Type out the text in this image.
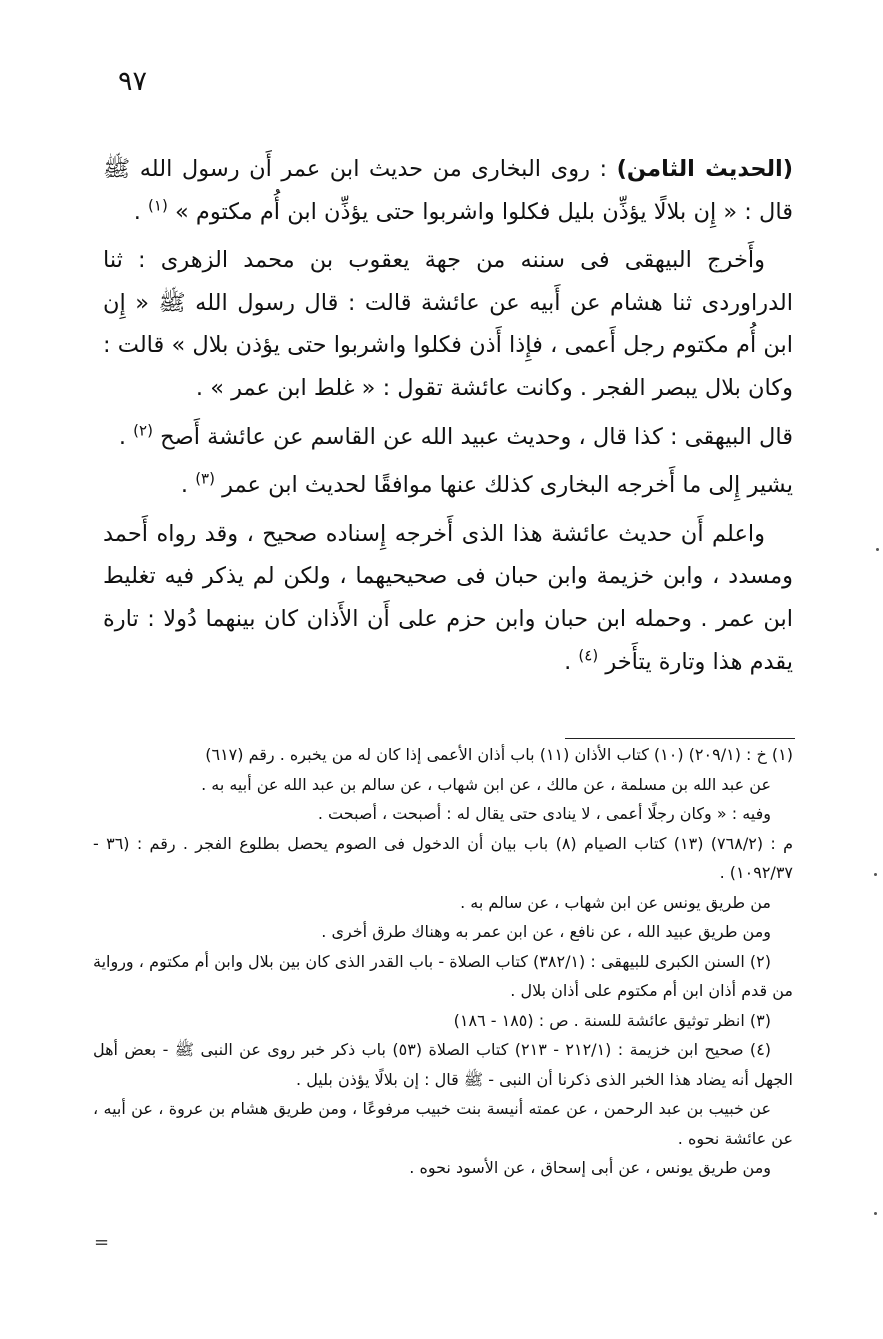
٩٧

(الحديث الثامن) : روى البخارى من حديث ابن عمر أَن رسول الله ﷺ قال : « إِن بلالًا يؤذِّن بليل فكلوا واشربوا حتى يؤذِّن ابن أُم مكتوم » $^{(١)}$ .

وأَخرج البيهقى فى سننه من جهة يعقوب بن محمد الزهرى : ثنا الدراوردى ثنا هشام عن أَبيه عن عائشة قالت : قال رسول الله ﷺ « إِن ابن أُم مكتوم رجل أَعمى ، فإِذا أَذن فكلوا واشربوا حتى يؤذن بلال » قالت : وكان بلال يبصر الفجر . وكانت عائشة تقول : « غلط ابن عمر » .

قال البيهقى : كذا قال ، وحديث عبيد الله عن القاسم عن عائشة أَصح $^{(٢)}$ .

يشير إِلى ما أَخرجه البخارى كذلك عنها موافقًا لحديث ابن عمر $^{(٣)}$ .

واعلم أَن حديث عائشة هذا الذى أَخرجه إِسناده صحيح ، وقد رواه أَحمد ومسدد ، وابن خزيمة وابن حبان فى صحيحيهما ، ولكن لم يذكر فيه تغليط ابن عمر . وحمله ابن حبان وابن حزم على أَن الأَذان كان بينهما دُولا : تارة يقدم هذا وتارة يتأَخر $^{(٤)}$ .

(١) خ : (٢٠٩/١) (١٠) كتاب الأذان (١١) باب أذان الأعمى إذا كان له من يخبره . رقم (٦١٧)

عن عبد الله بن مسلمة ، عن مالك ، عن ابن شهاب ، عن سالم بن عبد الله عن أبيه به .

وفيه : « وكان رجلًا أعمى ، لا ينادى حتى يقال له : أصبحت ، أصبحت .

م : (٧٦٨/٢) (١٣) كتاب الصيام (٨) باب بيان أن الدخول فى الصوم يحصل بطلوع الفجر . رقم : (٣٦ - ١٠٩٢/٣٧) .

من طريق يونس عن ابن شهاب ، عن سالم به .

ومن طريق عبيد الله ، عن نافع ، عن ابن عمر به وهناك طرق أخرى .

(٢) السنن الكبرى للبيهقى : (٣٨٢/١) كتاب الصلاة - باب القدر الذى كان بين بلال وابن أم مكتوم ، ورواية من قدم أذان ابن أم مكتوم على أذان بلال .

(٣) انظر توثيق عائشة للسنة . ص : (١٨٥ - ١٨٦)

(٤) صحيح ابن خزيمة : (٢١٢/١ - ٢١٣) كتاب الصلاة (٥٣) باب ذكر خبر روى عن النبى ﷺ - بعض أهل الجهل أنه يضاد هذا الخبر الذى ذكرنا أن النبى - ﷺ قال : إن بلالًا يؤذن بليل .

عن خبيب بن عبد الرحمن ، عن عمته أنيسة بنت خبيب مرفوعًا ، ومن طريق هشام بن عروة ، عن أبيه ، عن عائشة نحوه .

ومن طريق يونس ، عن أبى إسحاق ، عن الأسود نحوه .

=
